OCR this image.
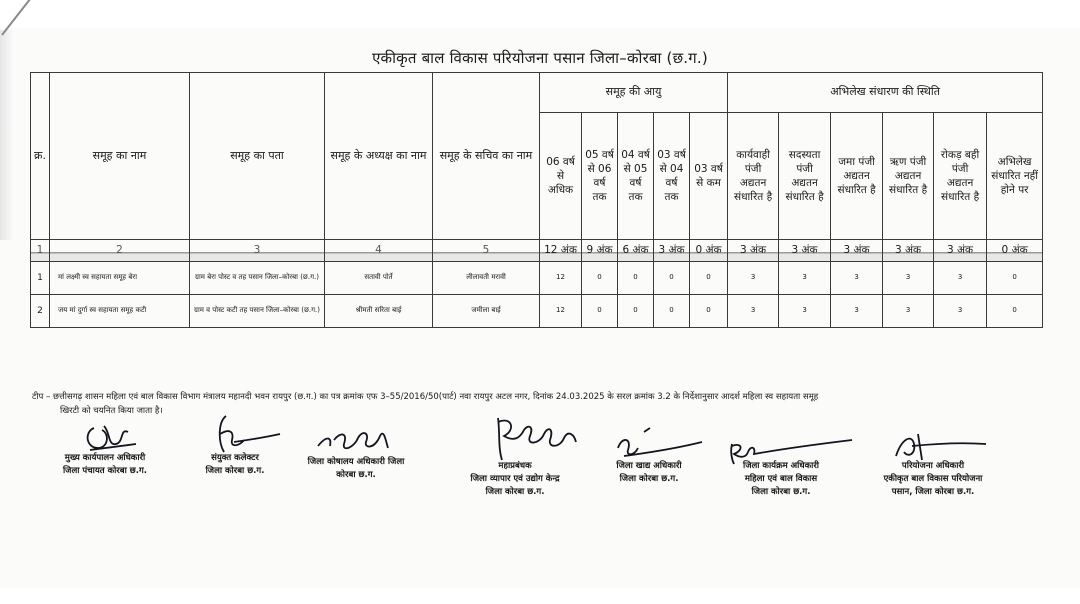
एकीकृत बाल विकास परियोजना पसान जिला–कोरबा (छ.ग.)
क्र.	समूह का नाम	समूह का पता	समूह के अध्यक्ष का नाम	समूह के सचिव का नाम	समूह की आयु					अभिलेख संधारण की स्थिति					
					06 वर्ष से अधिक	05 वर्ष से 06 वर्ष तक	04 वर्ष से 05 वर्ष तक	03 वर्ष से 04 वर्ष तक	03 वर्ष से कम	कार्यवाही पंजी अद्यतन संधारित है	सदस्यता पंजी अद्यतन संधारित है	जमा पंजी अद्यतन संधारित है	ऋण पंजी अद्यतन संधारित है	रोकड़ बही पंजी अद्यतन संधारित है	अभिलेख संधारित नहीं होने पर
1	2	3	4	5	12 अंक	9 अंक	6 अंक	3 अंक	0 अंक	3 अंक	3 अंक	3 अंक	3 अंक	3 अंक	0 अंक
1	मां लक्ष्मी स्व सहायता समूह बेरा	ग्राम बेरा पोस्ट व तह पसान जिला–कोरबा (छ.ग.)	सतावी पोर्ते	लीलावती मरावी	12	0	0	0	0	3	3	3	3	3	0
2	जय मां दुर्गा स्व सहायता समूह कटी	ग्राम व पोस्ट कटी तह पसान जिला–कोरबा (छ.ग.)	श्रीमती सरिता बाई	जमीला बाई	12	0	0	0	0	3	3	3	3	3	0
टीप – छत्तीसगढ़ शासन महिला एवं बाल विकास विभाग मंत्रालय महानदी भवन रायपुर (छ.ग.) का पत्र क्रमांक एफ 3–55/2016/50(पार्ट) नवा रायपुर अटल नगर, दिनांक 24.03.2025 के सरल क्रमांक 3.2 के निर्देशानुसार आदर्श महिला स्व सहायता समूह
खिरटी को चयनित किया जाता है।
मुख्य कार्यपालन अधिकारी
जिला पंचायत कोरबा छ.ग.
संयुक्त कलेक्टर
जिला कोरबा छ.ग.
जिला कोषालय अधिकारी जिला
कोरबा छ.ग.
महाप्रबंधक
जिला व्यापार एवं उद्योग केन्द्र
जिला कोरबा छ.ग.
जिला खाद्य अधिकारी
जिला कोरबा छ.ग.
जिला कार्यक्रम अधिकारी
महिला एवं बाल विकास
जिला कोरबा छ.ग.
परियोजना अधिकारी
एकीकृत बाल विकास परियोजना
पसान, जिला कोरबा छ.ग.
